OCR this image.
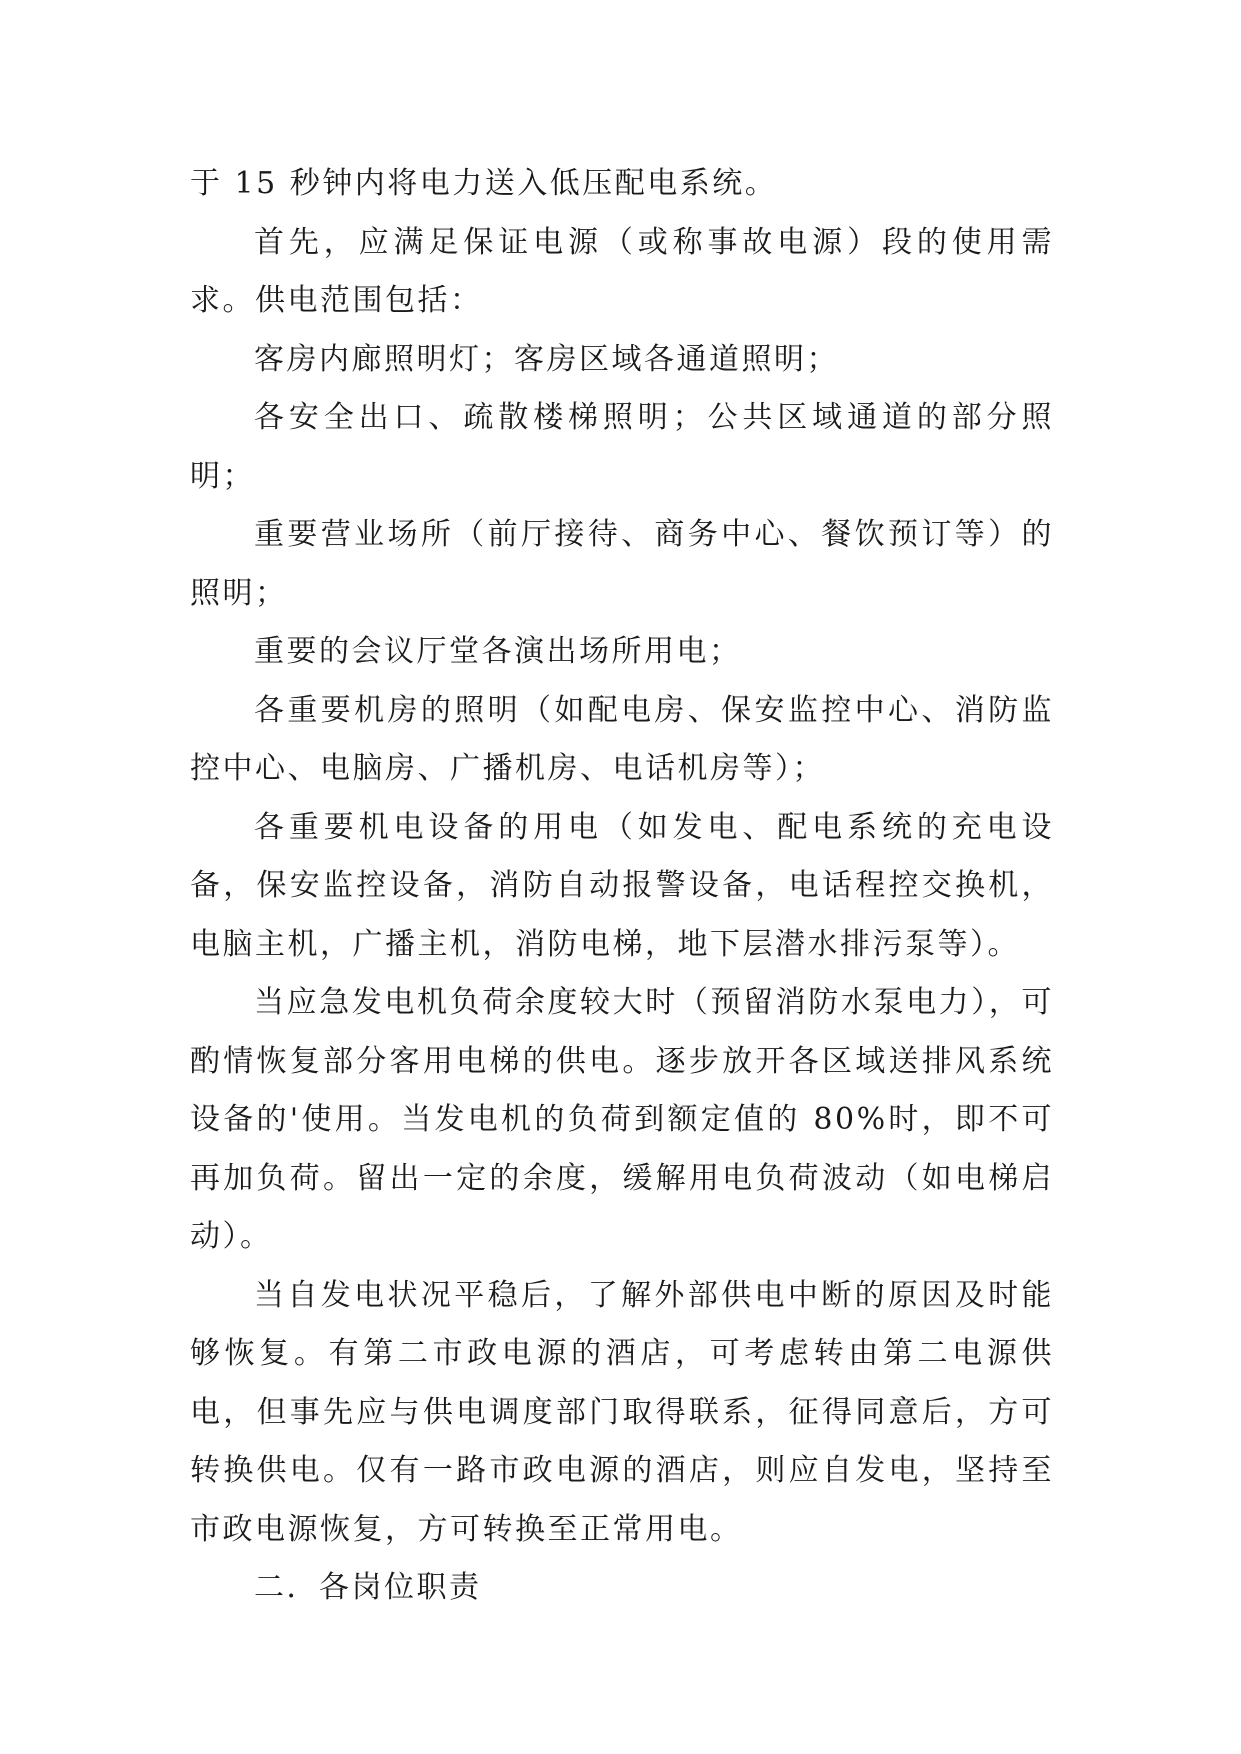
于 15 秒钟内将电力送入低压配电系统。

首先，应满足保证电源（或称事故电源）段的使用需求。供电范围包括：

客房内廊照明灯；客房区域各通道照明；

各安全出口、疏散楼梯照明；公共区域通道的部分照明；

重要营业场所（前厅接待、商务中心、餐饮预订等）的照明；

重要的会议厅堂各演出场所用电；

各重要机房的照明（如配电房、保安监控中心、消防监控中心、电脑房、广播机房、电话机房等）；

各重要机电设备的用电（如发电、配电系统的充电设备，保安监控设备，消防自动报警设备，电话程控交换机，电脑主机，广播主机，消防电梯，地下层潜水排污泵等）。

当应急发电机负荷余度较大时（预留消防水泵电力），可酌情恢复部分客用电梯的供电。逐步放开各区域送排风系统设备的'使用。当发电机的负荷到额定值的 80%时，即不可再加负荷。留出一定的余度，缓解用电负荷波动（如电梯启动）。

当自发电状况平稳后，了解外部供电中断的原因及时能够恢复。有第二市政电源的酒店，可考虑转由第二电源供电，但事先应与供电调度部门取得联系，征得同意后，方可转换供电。仅有一路市政电源的酒店，则应自发电，坚持至市政电源恢复，方可转换至正常用电。

二．各岗位职责
